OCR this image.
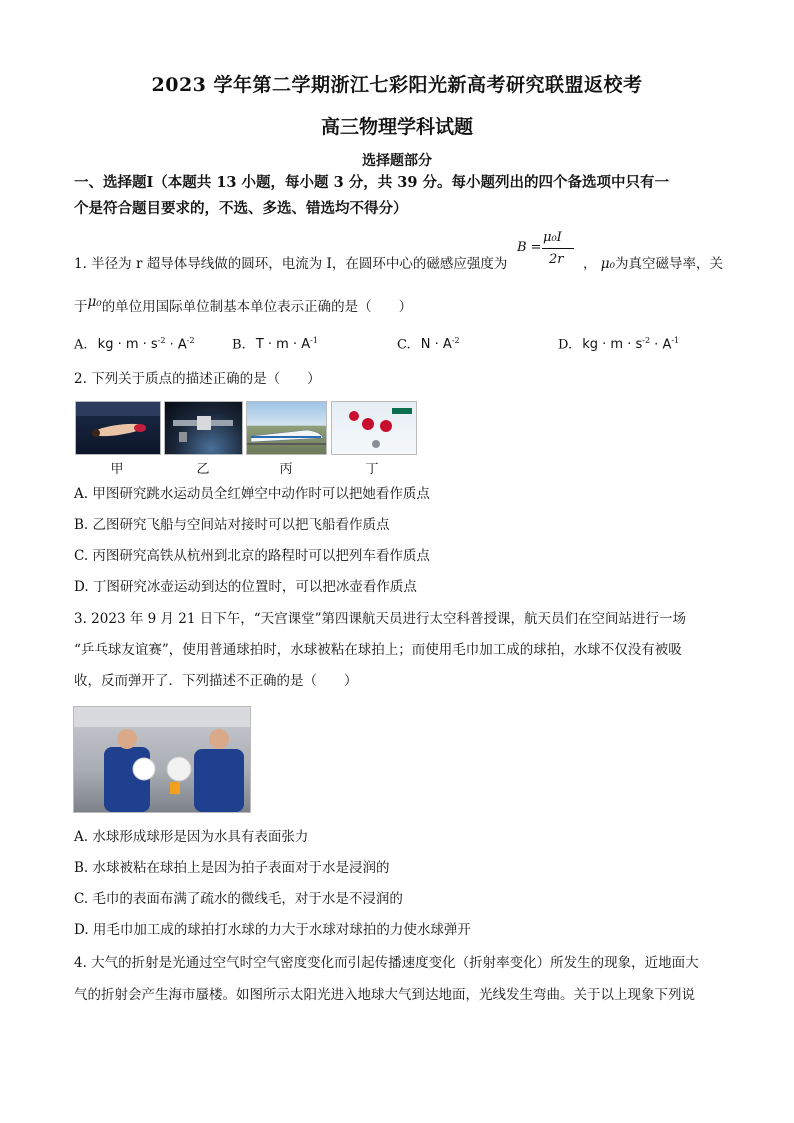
2023 学年第二学期浙江七彩阳光新高考研究联盟返校考
高三物理学科试题
选择题部分
一、选择题Ⅰ（本题共 13 小题，每小题 3 分，共 39 分。每小题列出的四个备选项中只有一
个是符合题目要求的，不选、多选、错选均不得分）
1. 半径为 r 超导体导线做的圆环，电流为 I，在圆环中心的磁感应强度为
B =
μ₀I
2r ， μ₀为真空磁导率，关
于μ₀的单位用国际单位制基本单位表示正确的是（　　）
A. kg · $m \cdot s^{-2} \cdot A^{-2}$	B. $T \cdot m \cdot A^{-1}$	C. $N \cdot A^{-2}$	D. kg · $m \cdot s^{-2} \cdot A^{-1}$
2. 下列关于质点的描述正确的是（　　）
甲	乙	丙	丁
A. 甲图研究跳水运动员全红婵空中动作时可以把她看作质点
B. 乙图研究飞船与空间站对接时可以把飞船看作质点
C. 丙图研究高铁从杭州到北京的路程时可以把列车看作质点
D. 丁图研究冰壶运动到达的位置时，可以把冰壶看作质点
3. 2023 年 9 月 21 日下午，“天宫课堂”第四课航天员进行太空科普授课，航天员们在空间站进行一场
“乒乓球友谊赛”，使用普通球拍时，水球被粘在球拍上；而使用毛巾加工成的球拍，水球不仅没有被吸
收，反而弹开了．下列描述不正确的是（　　）
A. 水球形成球形是因为水具有表面张力
B. 水球被粘在球拍上是因为拍子表面对于水是浸润的
C. 毛巾的表面布满了疏水的微线毛，对于水是不浸润的
D. 用毛巾加工成的球拍打水球的力大于水球对球拍的力使水球弹开
4. 大气的折射是光通过空气时空气密度变化而引起传播速度变化（折射率变化）所发生的现象，近地面大
气的折射会产生海市蜃楼。如图所示太阳光进入地球大气到达地面，光线发生弯曲。关于以上现象下列说
